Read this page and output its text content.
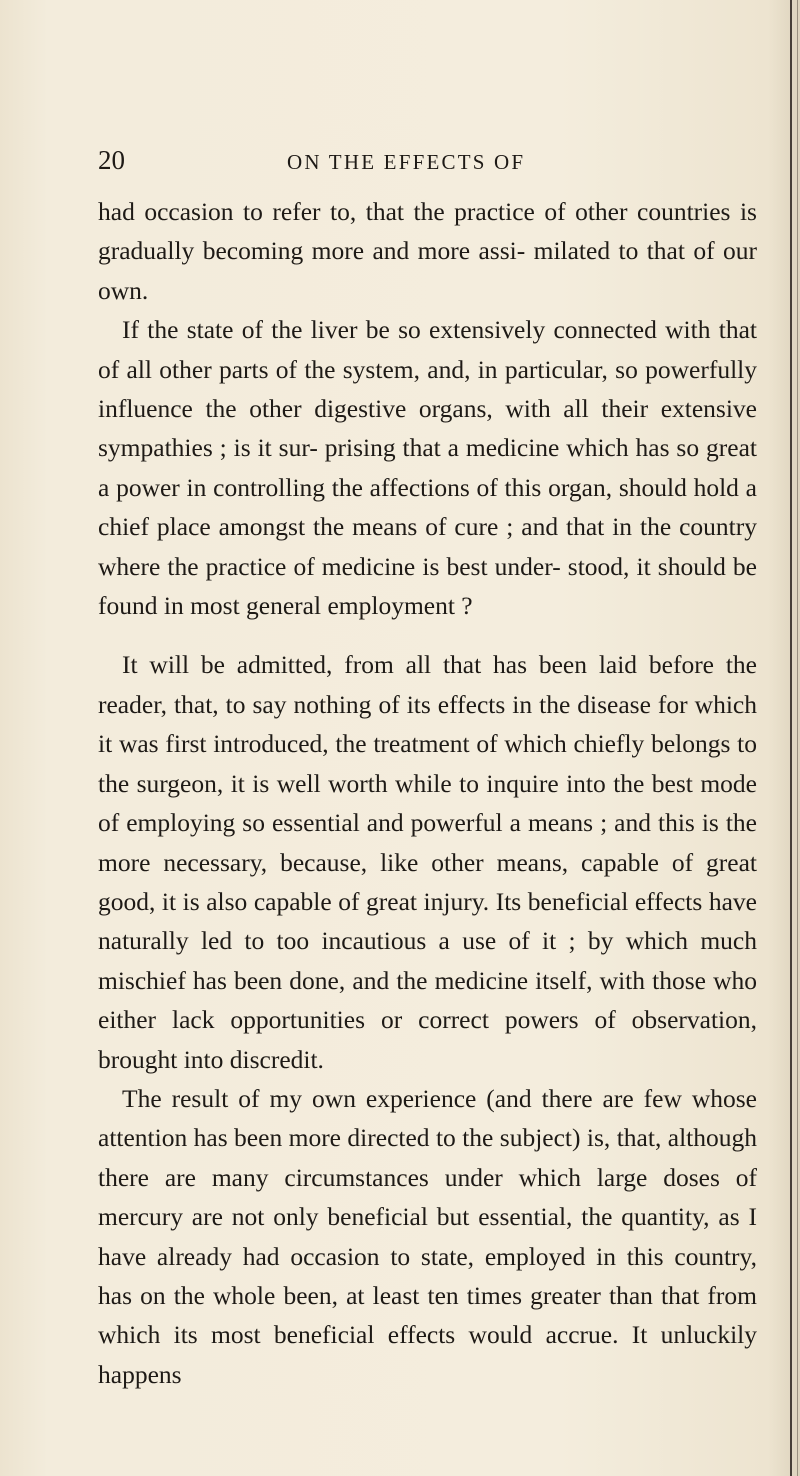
20	ON THE EFFECTS OF

had occasion to refer to, that the practice of other countries is gradually becoming more and more assi- milated to that of our own.

If the state of the liver be so extensively connected with that of all other parts of the system, and, in particular, so powerfully influence the other digestive organs, with all their extensive sympathies ; is it sur- prising that a medicine which has so great a power in controlling the affections of this organ, should hold a chief place amongst the means of cure ; and that in the country where the practice of medicine is best under- stood, it should be found in most general employment ?

It will be admitted, from all that has been laid before the reader, that, to say nothing of its effects in the disease for which it was first introduced, the treatment of which chiefly belongs to the surgeon, it is well worth while to inquire into the best mode of employing so essential and powerful a means ; and this is the more necessary, because, like other means, capable of great good, it is also capable of great injury. Its beneficial effects have naturally led to too incautious a use of it ; by which much mischief has been done, and the medicine itself, with those who either lack opportunities or correct powers of observation, brought into discredit.

The result of my own experience (and there are few whose attention has been more directed to the subject) is, that, although there are many circumstances under which large doses of mercury are not only beneficial but essential, the quantity, as I have already had occasion to state, employed in this country, has on the whole been, at least ten times greater than that from which its most beneficial effects would accrue. It unluckily happens
